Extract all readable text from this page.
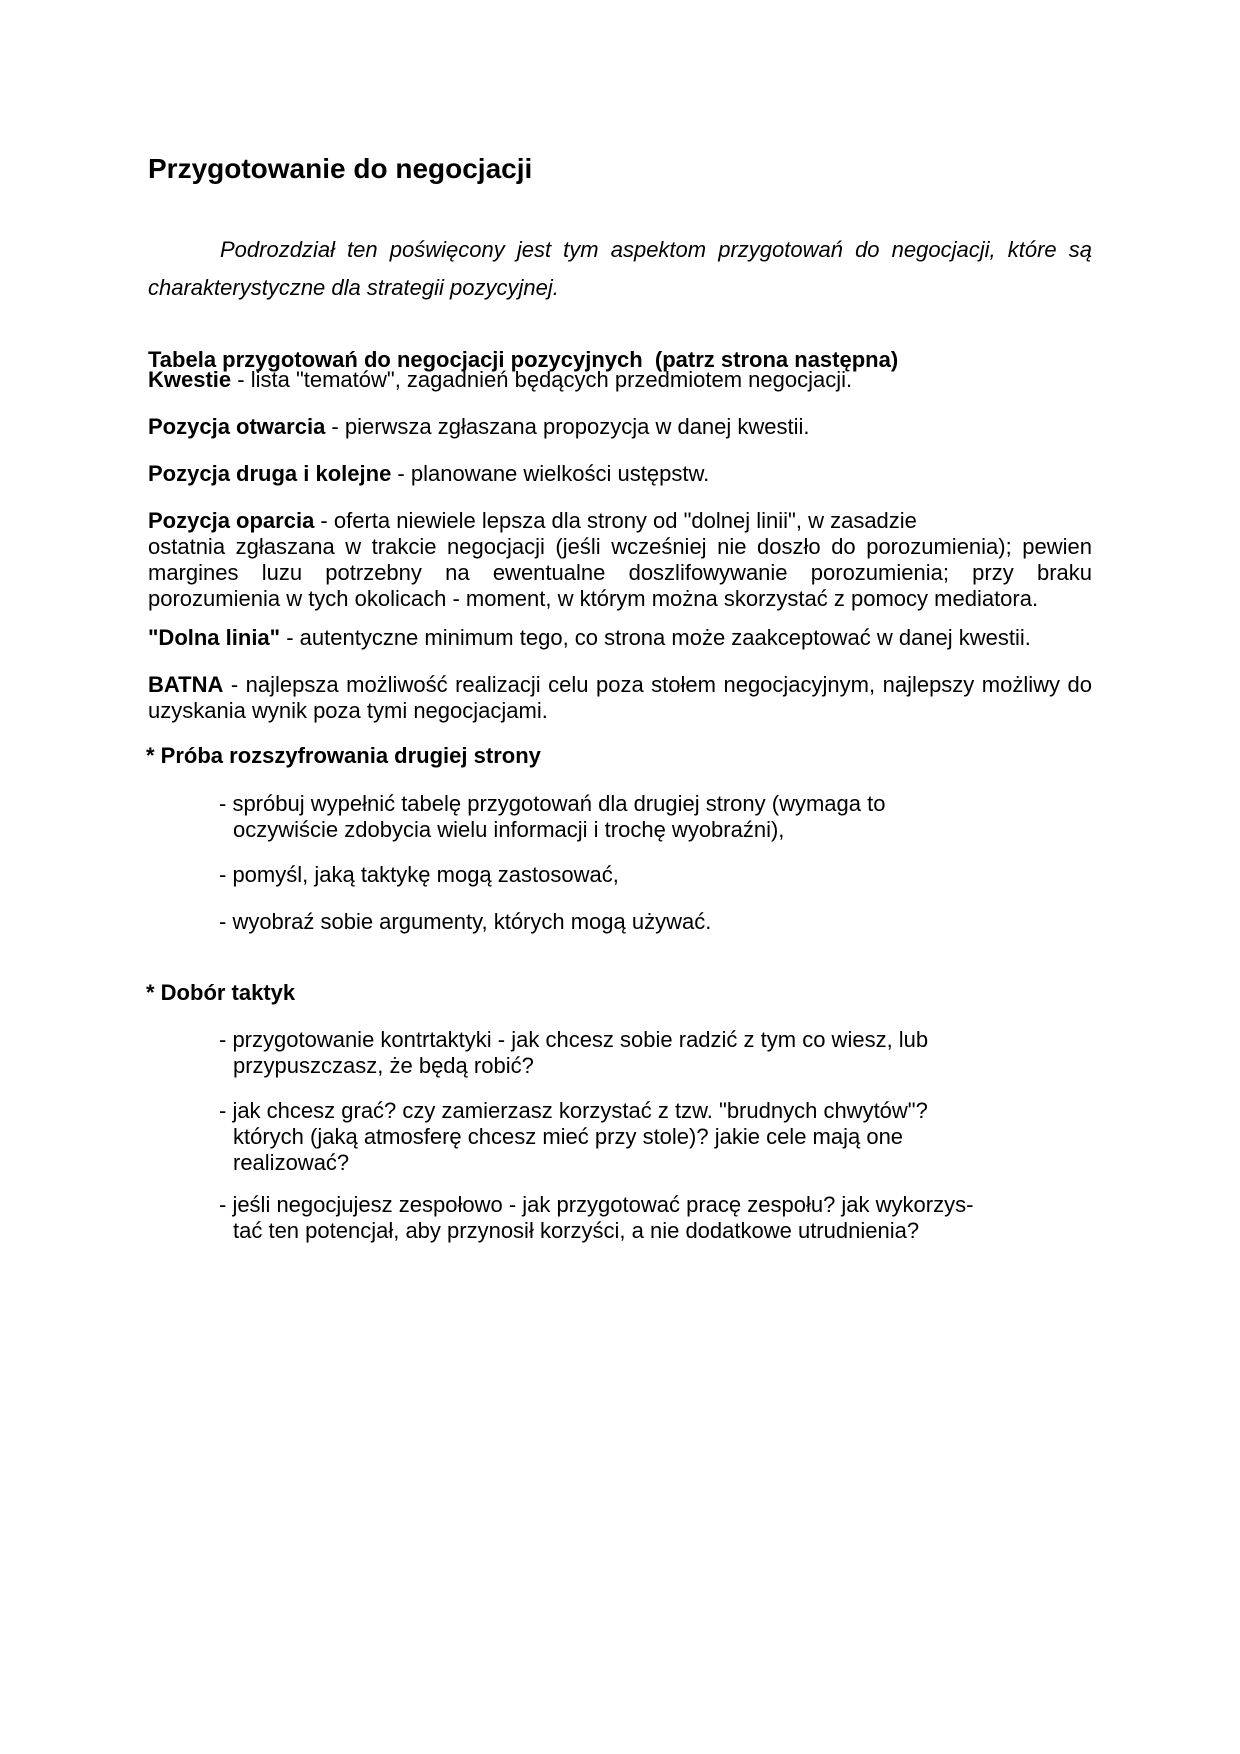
Przygotowanie do negocjacji

Podrozdział ten poświęcony jest tym aspektom przygotowań do negocjacji, które są charakterystyczne dla strategii pozycyjnej.

Tabela przygotowań do negocjacji pozycyjnych  (patrz strona następna)

Kwestie - lista "tematów", zagadnień będących przedmiotem negocjacji.

Pozycja otwarcia - pierwsza zgłaszana propozycja w danej kwestii.

Pozycja druga i kolejne - planowane wielkości ustępstw.

Pozycja oparcia - oferta niewiele lepsza dla strony od "dolnej linii", w zasadzie

ostatnia zgłaszana w trakcie negocjacji (jeśli wcześniej nie doszło do porozumienia); pewien margines luzu potrzebny na ewentualne doszlifowywanie porozumienia; przy braku porozumienia w tych okolicach - moment, w którym można skorzystać z pomocy mediatora.

"Dolna linia" - autentyczne minimum tego, co strona może zaakceptować w danej kwestii.

BATNA - najlepsza możliwość realizacji celu poza stołem negocjacyjnym, najlepszy możliwy do uzyskania wynik poza tymi negocjacjami.

* Próba rozszyfrowania drugiej strony

- spróbuj wypełnić tabelę przygotowań dla drugiej strony (wymaga to
oczywiście zdobycia wielu informacji i trochę wyobraźni),

- pomyśl, jaką taktykę mogą zastosować,

- wyobraź sobie argumenty, których mogą używać.

* Dobór taktyk

- przygotowanie kontrtaktyki - jak chcesz sobie radzić z tym co wiesz, lub
przypuszczasz, że będą robić?

- jak chcesz grać? czy zamierzasz korzystać z tzw. "brudnych chwytów"?
których (jaką atmosferę chcesz mieć przy stole)? jakie cele mają one
realizować?

- jeśli negocjujesz zespołowo - jak przygotować pracę zespołu? jak wykorzys-
tać ten potencjał, aby przynosił korzyści, a nie dodatkowe utrudnienia?
